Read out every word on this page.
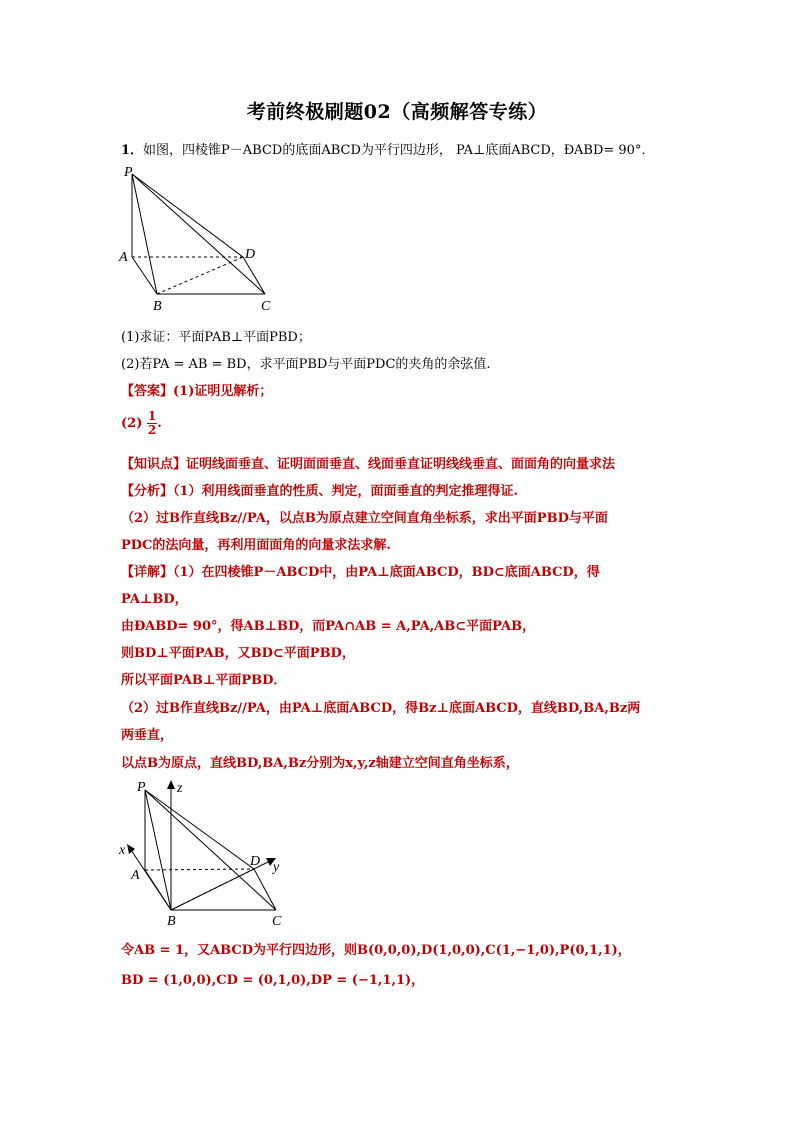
考前终极刷题02（高频解答专练）
1．如图，四棱锥P－ABCD的底面ABCD为平行四边形， PA⊥底面ABCD，ÐABD= 90°．
P
A
B	C
D
(1)求证：平面PAB⊥平面PBD；
(2)若PA = AB = BD，求平面PBD与平面PDC的夹角的余弦值.
【答案】(1)证明见解析；
$(2) \frac{1}{2}$ .
【知识点】证明线面垂直、证明面面垂直、线面垂直证明线线垂直、面面角的向量求法
【分析】（1）利用线面垂直的性质、判定，面面垂直的判定推理得证.
（2）过B作直线Bz//PA，以点B为原点建立空间直角坐标系，求出平面PBD与平面
PDC的法向量，再利用面面角的向量求法求解.
【详解】（1）在四棱锥P－ABCD中，由PA⊥底面ABCD，BD⊂底面ABCD，得
PA⊥BD，
由ÐABD= 90°，得AB⊥BD，而PA∩AB = A,PA,AB⊂平面PAB，
则BD⊥平面PAB，又BD⊂平面PBD，
所以平面PAB⊥平面PBD．
（2）过B作直线Bz//PA，由PA⊥底面ABCD，得Bz⊥底面ABCD，直线BD,BA,Bz两
两垂直，
以点B为原点，直线BD,BA,Bz分别为x,y,z轴建立空间直角坐标系，
P z
x
A
D y
B	C
令AB = 1，又ABCD为平行四边形，则B(0,0,0),D(1,0,0),C(1,−1,0),P(0,1,1)，
BD = (1,0,0),CD = (0,1,0),DP = (−1,1,1)，
